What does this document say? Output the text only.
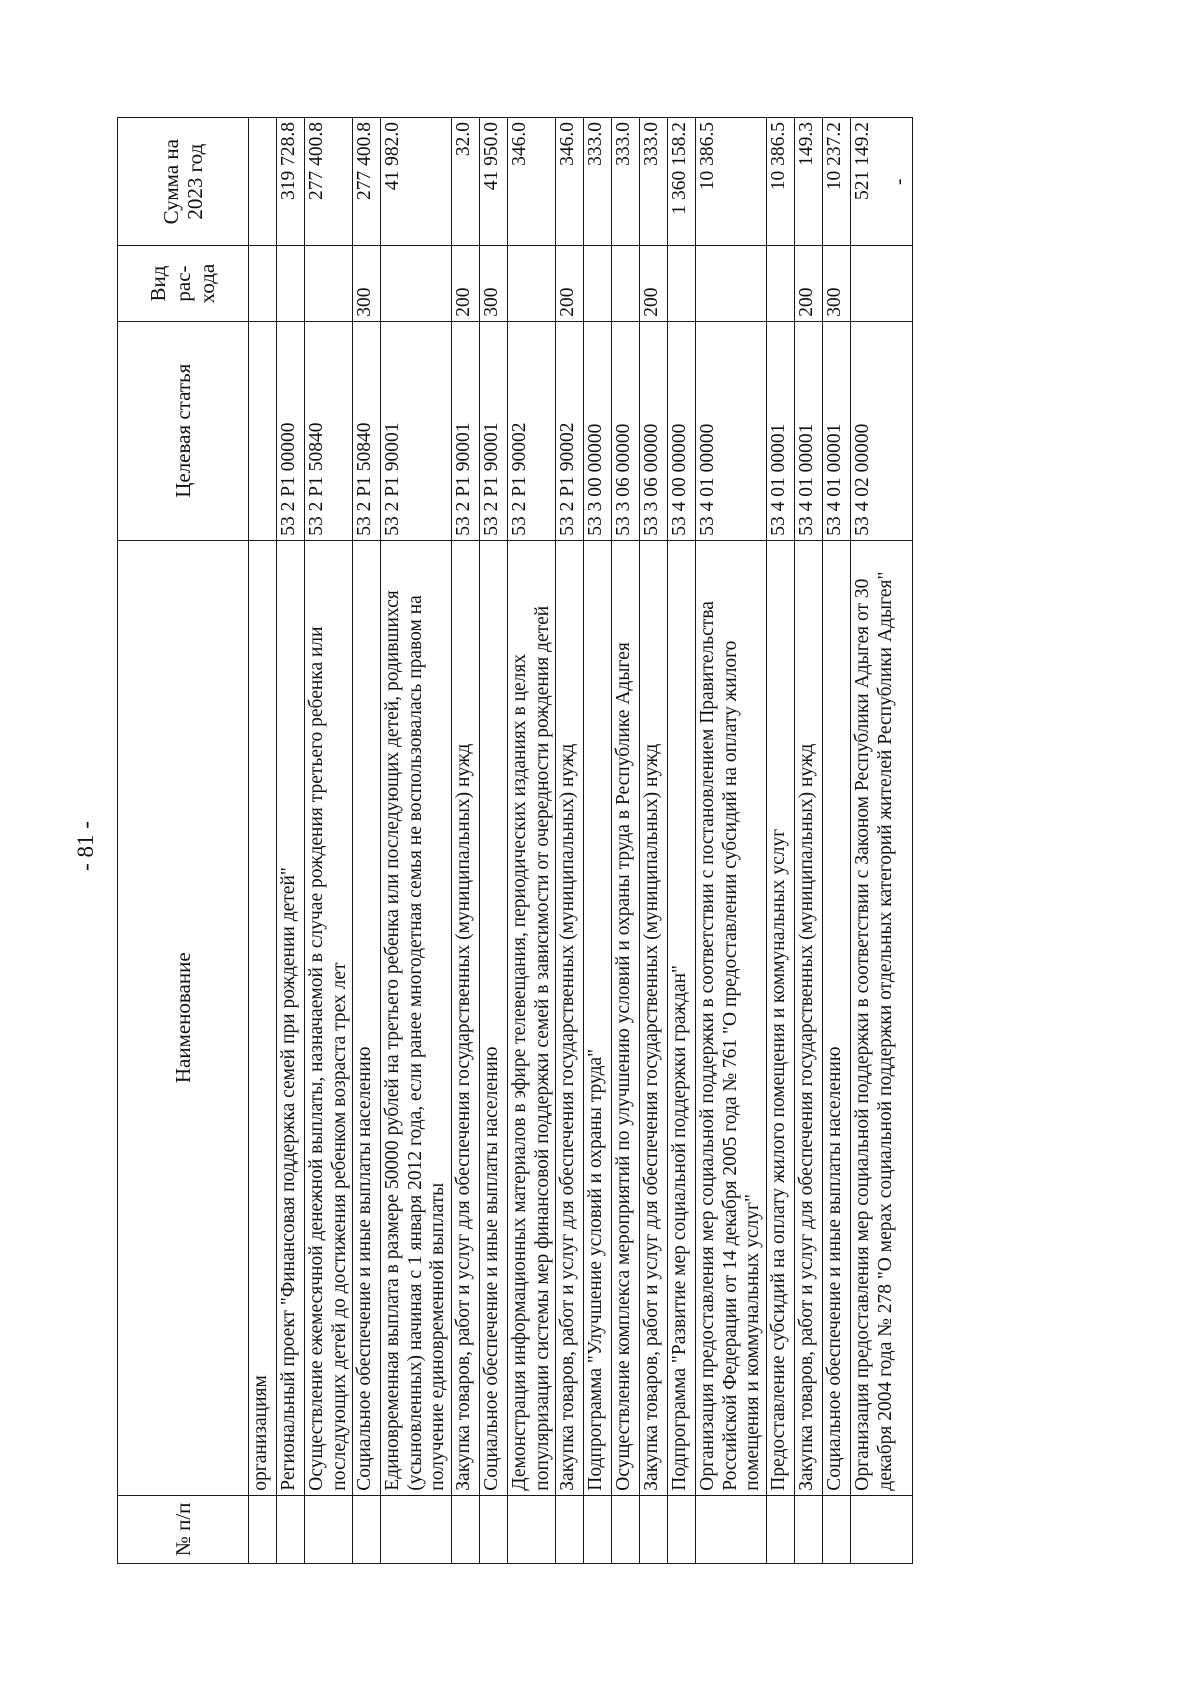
- 81 -
№ п/п	Наименование	Целевая статья	Вид рас-хода	Сумма на 2023 год
	организациям			
	Региональный проект "Финансовая поддержка семей при рождении детей"	53 2 P1 00000		319 728.8
	Осуществление ежемесячной денежной выплаты, назначаемой в случае рождения третьего ребенка или последующих детей до достижения ребенком возраста трех лет	53 2 P1 50840		277 400.8
	Социальное обеспечение и иные выплаты населению	53 2 P1 50840	300	277 400.8
	Единовременная выплата в размере 50000 рублей на третьего ребенка или последующих детей, родившихся (усыновленных) начиная с 1 января 2012 года, если ранее многодетная семья не воспользовалась правом на получение единовременной выплаты	53 2 P1 90001		41 982.0
	Закупка товаров, работ и услуг для обеспечения государственных (муниципальных) нужд	53 2 P1 90001	200	32.0
	Социальное обеспечение и иные выплаты населению	53 2 P1 90001	300	41 950.0
	Демонстрация информационных материалов в эфире телевещания, периодических изданиях в целях популяризации системы мер финансовой поддержки семей в зависимости от очередности рождения детей	53 2 P1 90002		346.0
	Закупка товаров, работ и услуг для обеспечения государственных (муниципальных) нужд	53 2 P1 90002	200	346.0
	Подпрограмма "Улучшение условий и охраны труда"	53 3 00 00000		333.0
	Осуществление комплекса мероприятий по улучшению условий и охраны труда в Республике Адыгея	53 3 06 00000		333.0
	Закупка товаров, работ и услуг для обеспечения государственных (муниципальных) нужд	53 3 06 00000	200	333.0
	Подпрограмма "Развитие мер социальной поддержки граждан"	53 4 00 00000		1 360 158.2
	Организация предоставления мер социальной поддержки в соответствии с постановлением Правительства Российской Федерации от 14 декабря 2005 года № 761 "О предоставлении субсидий на оплату жилого помещения и коммунальных услуг"	53 4 01 00000		10 386.5
	Предоставление субсидий на оплату жилого помещения и коммунальных услуг	53 4 01 00001		10 386.5
	Закупка товаров, работ и услуг для обеспечения государственных (муниципальных) нужд	53 4 01 00001	200	149.3
	Социальное обеспечение и иные выплаты населению	53 4 01 00001	300	10 237.2
	Организация предоставления мер социальной поддержки в соответствии с Законом Республики Адыгея от 30 декабря 2004 года № 278 "О мерах социальной поддержки отдельных категорий жителей Республики Адыгея"	53 4 02 00000		521 149.2 -
